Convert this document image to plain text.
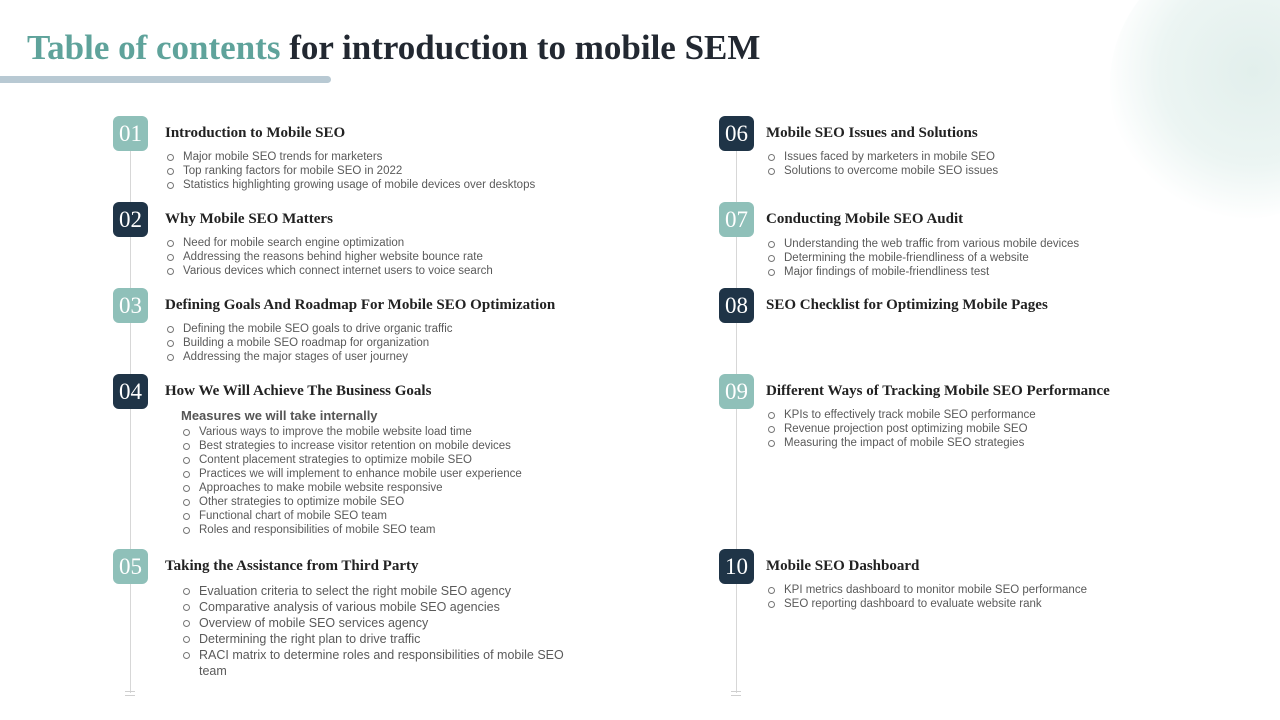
Table of contents for introduction to mobile SEM
01	Introduction to Mobile SEO
Major mobile SEO trends for marketers
Top ranking factors for mobile SEO in 2022
Statistics highlighting growing usage of mobile devices over desktops
02	Why Mobile SEO Matters
Need for mobile search engine optimization
Addressing the reasons behind higher website bounce rate
Various devices which connect internet users to voice search
03	Defining Goals And Roadmap For Mobile SEO Optimization
Defining the mobile SEO goals to drive organic traffic
Building a mobile SEO roadmap for organization
Addressing the major stages of user journey
04	How We Will Achieve The Business Goals
Measures we will take internally
Various ways to improve the mobile website load time
Best strategies to increase visitor retention on mobile devices
Content placement strategies to optimize mobile SEO
Practices we will implement to enhance mobile user experience
Approaches to make mobile website responsive
Other strategies to optimize mobile SEO
Functional chart of mobile SEO team
Roles and responsibilities of mobile SEO team
05	Taking the Assistance from Third Party
Evaluation criteria to select the right mobile SEO agency
Comparative analysis of various mobile SEO agencies
Overview of mobile SEO services agency
Determining the right plan to drive traffic
RACI matrix to determine roles and responsibilities of mobile SEO team
06	Mobile SEO Issues and Solutions
Issues faced by marketers in mobile SEO
Solutions to overcome mobile SEO issues
07	Conducting Mobile SEO Audit
Understanding the web traffic from various mobile devices
Determining the mobile-friendliness of a website
Major findings of mobile-friendliness test
08	SEO Checklist for Optimizing Mobile Pages
09	Different Ways of Tracking Mobile SEO Performance
KPIs to effectively track mobile SEO performance
Revenue projection post optimizing mobile SEO
Measuring the impact of mobile SEO strategies
10	Mobile SEO Dashboard
KPI metrics dashboard to monitor mobile SEO performance
SEO reporting dashboard to evaluate website rank
